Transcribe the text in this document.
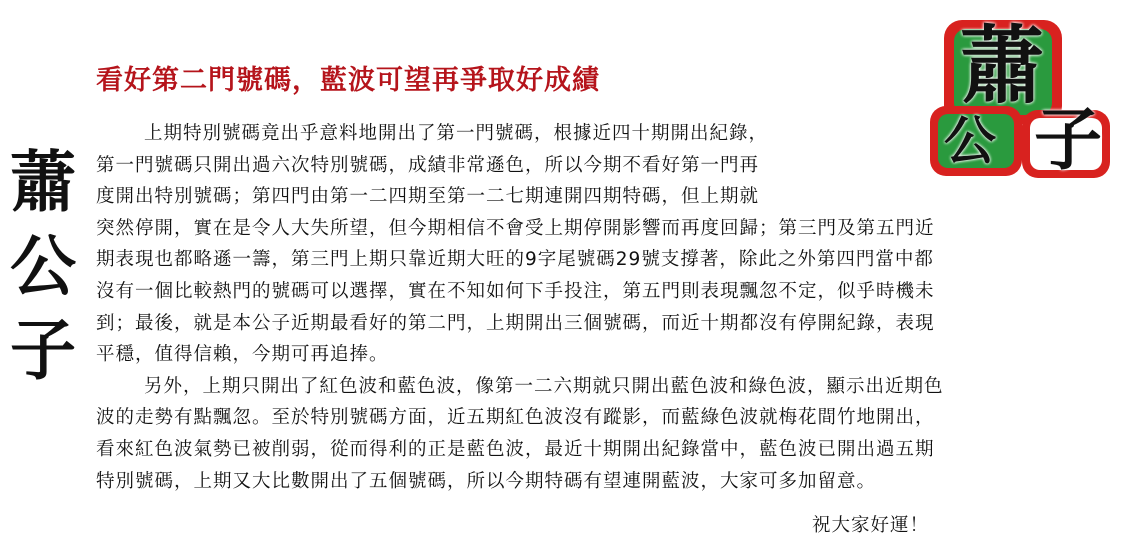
蕭
公
子
看好第二門號碼，藍波可望再爭取好成績	蕭
公 子
上期特別號碼竟出乎意料地開出了第一門號碼，根據近四十期開出紀錄，
第一門號碼只開出過六次特別號碼，成績非常遜色，所以今期不看好第一門再
度開出特別號碼；第四門由第一二四期至第一二七期連開四期特碼，但上期就
突然停開，實在是令人大失所望，但今期相信不會受上期停開影響而再度回歸；第三門及第五門近
期表現也都略遜一籌，第三門上期只靠近期大旺的9字尾號碼29號支撐著，除此之外第四門當中都
沒有一個比較熱門的號碼可以選擇，實在不知如何下手投注，第五門則表現飄忽不定，似乎時機未
到；最後，就是本公子近期最看好的第二門，上期開出三個號碼，而近十期都沒有停開紀錄，表現
平穩，值得信賴，今期可再追捧。
另外，上期只開出了紅色波和藍色波，像第一二六期就只開出藍色波和綠色波，顯示出近期色
波的走勢有點飄忽。至於特別號碼方面，近五期紅色波沒有蹤影，而藍綠色波就梅花間竹地開出，
看來紅色波氣勢已被削弱，從而得利的正是藍色波，最近十期開出紀錄當中，藍色波已開出過五期
特別號碼，上期又大比數開出了五個號碼，所以今期特碼有望連開藍波，大家可多加留意。
祝大家好運！
